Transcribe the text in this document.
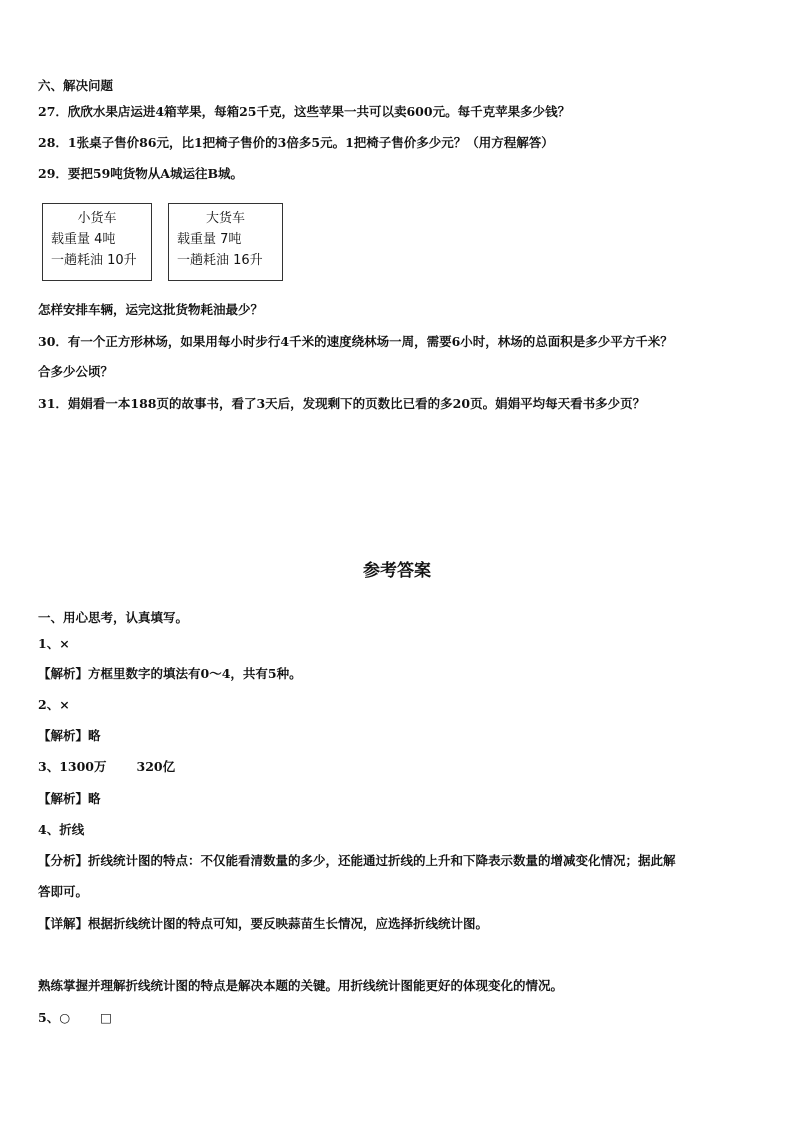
六、解决问题
27．欣欣水果店运进4箱苹果，每箱25千克，这些苹果一共可以卖600元。每千克苹果多少钱？
28．1张桌子售价86元，比1把椅子售价的3倍多5元。1把椅子售价多少元？（用方程解答）
29．要把59吨货物从A城运往B城。
小货车
载重量 4吨
一趟耗油 10升
大货车
载重量 7吨
一趟耗油 16升
怎样安排车辆，运完这批货物耗油最少？
30．有一个正方形林场，如果用每小时步行4千米的速度绕林场一周，需要6小时，林场的总面积是多少平方千米？
合多少公顷？
31．娟娟看一本188页的故事书，看了3天后，发现剩下的页数比已看的多20页。娟娟平均每天看书多少页？
参考答案
一、用心思考，认真填写。
1、×
【解析】方框里数字的填法有0～4，共有5种。
2、×
【解析】略
3、1300万 320亿
【解析】略
4、折线
【分析】折线统计图的特点：不仅能看清数量的多少，还能通过折线的上升和下降表示数量的增减变化情况；据此解
答即可。
【详解】根据折线统计图的特点可知，要反映蒜苗生长情况，应选择折线统计图。
熟练掌握并理解折线统计图的特点是解决本题的关键。用折线统计图能更好的体现变化的情况。
5、○ □
